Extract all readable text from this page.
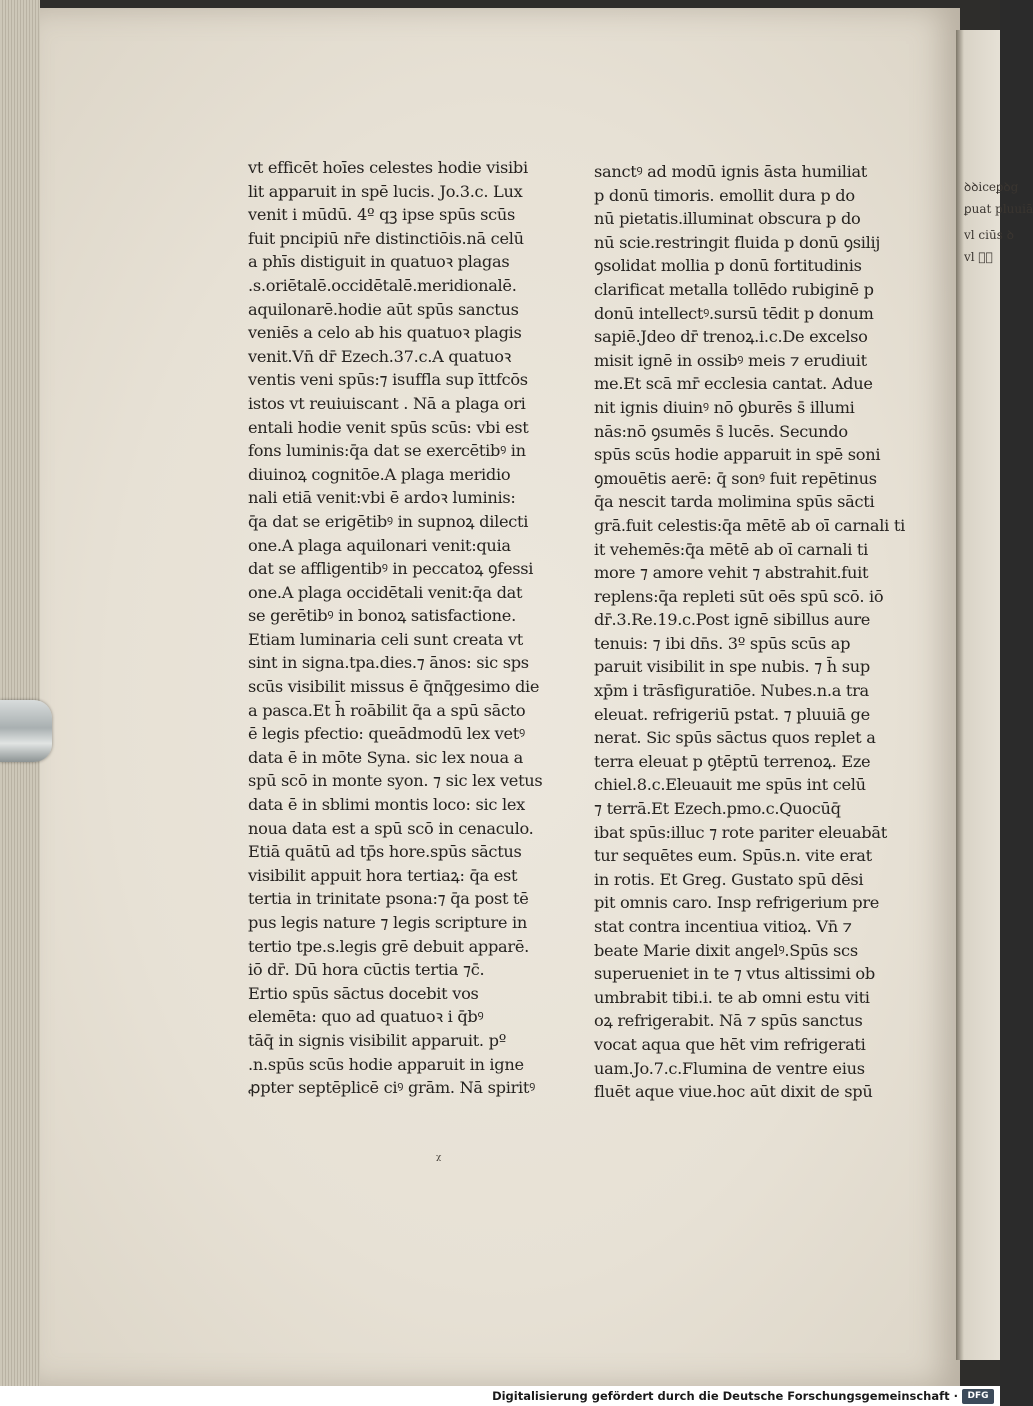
ꝺꝺiceꝑꝺg
ꝑuat pluuiā
vl ciūs ꝺ
vl ꝑͦ
vt efficēt hoīes celestes hodie visibi
lit apparuit in spē lucis. Jo.3.c. Lux
venit i mūdū. 4º qꝫ ipse spūs scūs
fuit pncipiū nr̄e distinctiōis.nā celū
a phīs distiguit in quatuoꝛ plagas
.s.oriētalē.occidētalē.meridionalē.
aquilonarē.hodie aūt spūs sanctus
veniēs a celo ab his quatuoꝛ plagis
venit.Vn̄ dr̄ Ezech.37.c.A quatuoꝛ
ventis veni spūs:⁊ isuffla sup īttfcōs
istos vt reuiuiscant . Nā a plaga ori
entali hodie venit spūs scūs: vbi est
fons luminis:q̄a dat se exercētibꝰ in
diuinoꝝ cognitōe.A plaga meridio
nali etiā venit:vbi ē ardoꝛ luminis:
q̄a dat se erigētibꝰ in supnoꝝ dilecti
one.A plaga aquilonari venit:quia
dat se affligentibꝰ in peccatoꝝ ꝯfessi
one.A plaga occidētali venit:q̄a dat
se gerētibꝰ in bonoꝝ satisfactione.
Etiam luminaria celi sunt creata vt
sint in signa.tpa.dies.⁊ ānos: sic sps
scūs visibilit missus ē q̄nq̄gesimo die
a pasca.Et h̄ roābilit q̄a a spū sācto
ē legis pfectio: queādmodū lex vetꝰ
data ē in mōte Syna. sic lex noua a
spū scō in monte syon. ⁊ sic lex vetus
data ē in sblimi montis loco: sic lex
noua data est a spū scō in cenaculo.
Etiā quātū ad tp̄s hore.spūs sāctus
visibilit appuit hora tertiaꝝ: q̄a est
tertia in trinitate psona:⁊ q̄a post tē
pus legis nature ⁊ legis scripture in
tertio tpe.s.legis grē debuit apparē.
iō dr̄. Dū hora cūctis tertia ⁊c̄.
Ertio spūs sāctus docebit vos
elemēta: quo ad quatuoꝛ i q̄bꝰ
tāq̄ in signis visibilit apparuit. pº
.n.spūs scūs hodie apparuit in igne
ꝓpter septēplicē ciꝰ grām. Nā spiritꝰ
sanctꝰ ad modū ignis āsta humiliat
p donū timoris. emollit dura p do
nū pietatis.illuminat obscura p do
nū scie.restringit fluida p donū ꝯsilij
ꝯsolidat mollia p donū fortitudinis
clarificat metalla tollēdo rubiginē p
donū intellectꝰ.sursū tēdit p donum
sapiē.Jdeo dr̄ trenoꝝ.i.c.De excelso
misit ignē in ossibꝰ meis ⁊ erudiuit
me.Et scā mr̄ ecclesia cantat. Adue
nit ignis diuinꝰ nō ꝯburēs s̄ illumi
nās:nō ꝯsumēs s̄ lucēs. Secundo
spūs scūs hodie apparuit in spē soni
ꝯmouētis aerē: q̄ sonꝰ fuit repētinus
q̄a nescit tarda molimina spūs sācti
grā.fuit celestis:q̄a mētē ab oī carnali ti
it vehemēs:q̄a mētē ab oī carnali ti
more ⁊ amore vehit ⁊ abstrahit.fuit
replens:q̄a repleti sūt oēs spū scō. iō
dr̄.3.Re.19.c.Post ignē sibillus aure
tenuis: ⁊ ibi dn̄s. 3º spūs scūs ap
paruit visibilit in spe nubis. ⁊ h̄ sup
xp̄m i trāsfiguratiōe. Nubes.n.a tra
eleuat. refrigeriū pstat. ⁊ pluuiā ge
nerat. Sic spūs sāctus quos replet a
terra eleuat p ꝯtēptū terrenoꝝ. Eze
chiel.8.c.Eleuauit me spūs int celū
⁊ terrā.Et Ezech.pmo.c.Quocūq̄
ibat spūs:illuc ⁊ rote pariter eleuabāt
tur sequētes eum. Spūs.n. vite erat
in rotis. Et Greg. Gustato spū dēsi
pit omnis caro. Insp refrigerium pre
stat contra incentiua vitioꝝ. Vn̄ ⁊
beate Marie dixit angelꝰ.Spūs scs
superueniet in te ⁊ vtus altissimi ob
umbrabit tibi.i. te ab omni estu viti
oꝝ refrigerabit. Nā ⁊ spūs sanctus
vocat aqua que hēt vim refrigerati
uam.Jo.7.c.Flumina de ventre eius
fluēt aque viue.hoc aūt dixit de spū
ᵡ
Digitalisierung gefördert durch die Deutsche Forschungsgemeinschaft ·	DFG
